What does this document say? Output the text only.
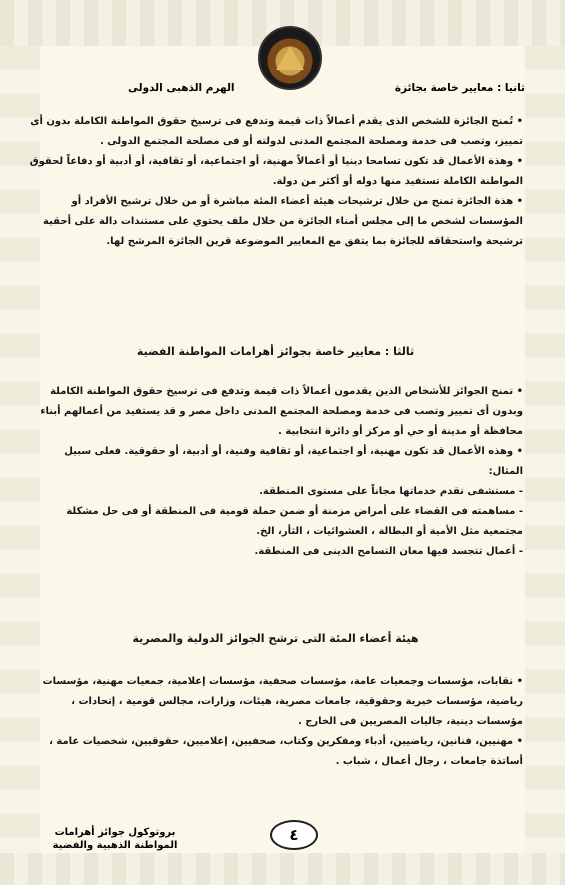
ثانيا : معايير خاصة بجائزة
الهرم الذهبى الدولى

• تُمنح الجائزة للشخص الذى يقدم أعمالاً ذات قيمة وتدفع فى ترسيخ حقوق المواطنة الكاملة بدون أى تمييز، وتصب فى خدمة ومصلحة المجتمع المدنى لدولته أو فى مصلحة المجتمع الدولى .

• وهذة الأعمال قد تكون تسامحا دينيا أو أعمالاً مهنية، أو اجتماعية، أو ثقافية، أو أدبية أو دفاعاً لحقوق المواطنة الكاملة تستفيد منها دوله أو أكثر من دولة.

• هذة الجائزة تمنح من خلال ترشيحات هيئة أعضاء المئة مباشرة أو من خلال ترشيح الأفراد أو المؤسسات لشخص ما إلى مجلس أمناء الجائزة من خلال ملف يحتوي على مستندات دالة على أحقية ترشيحة واستحقاقه للجائزة بما يتفق مع المعايير الموضوعة قرين الجائزة المرشح لها.

ثالثا : معايير خاصة بجوائز أهرامات المواطنة الفضية

• تمنح الجوائز للأشخاص الذين يقدمون أعمالاً ذات قيمة وتدفع فى ترسيخ حقوق المواطنة الكاملة وبدون أى تمييز وتصب فى خدمة ومصلحة المجتمع المدنى داخل مصر و قد يستفيد من أعمالهم أبناء محافظة أو مدينة أو حي أو مركز أو دائرة انتخابية .

• وهذه الأعمال قد تكون مهنية، أو اجتماعية، أو ثقافية وفنية، أو أدبية، أو حقوقية. فعلى سبيل المثال:

- مستشفى تقدم خدماتها مجاناً على مستوى المنطقة.

- مساهمته فى القضاء على أمراض مزمنة أو ضمن حملة قومية فى المنطقة أو فى حل مشكلة مجتمعية مثل الأمية أو البطالة ، العشوائيات ، الثأر، الخ.

- أعمال تتجسد فيها معان التسامح الدينى فى المنطقة.

هيئة أعضاء المئة التى ترشح الجوائز الدولية والمصرية

• نقابات، مؤسسات وجمعيات عامة، مؤسسات صحفية، مؤسسات إعلامية، جمعيات مهنية، مؤسسات رياضية، مؤسسات خيرية وحقوقية، جامعات مصرية، هيئات، وزارات، مجالس قومية ، إتحادات ، مؤسسات دينية، جاليات المصريين فى الخارج .

• مهنيين، فنانين، رياضيين، أدباء ومفكرين وكتاب، صحفيين، إعلاميين، حقوقيين، شخصيات عامة ، أساتذة جامعات ، رجال أعمال ، شباب .

بروتوكول جوائز أهرامات
المواطنة الذهبية والفضية
٤
